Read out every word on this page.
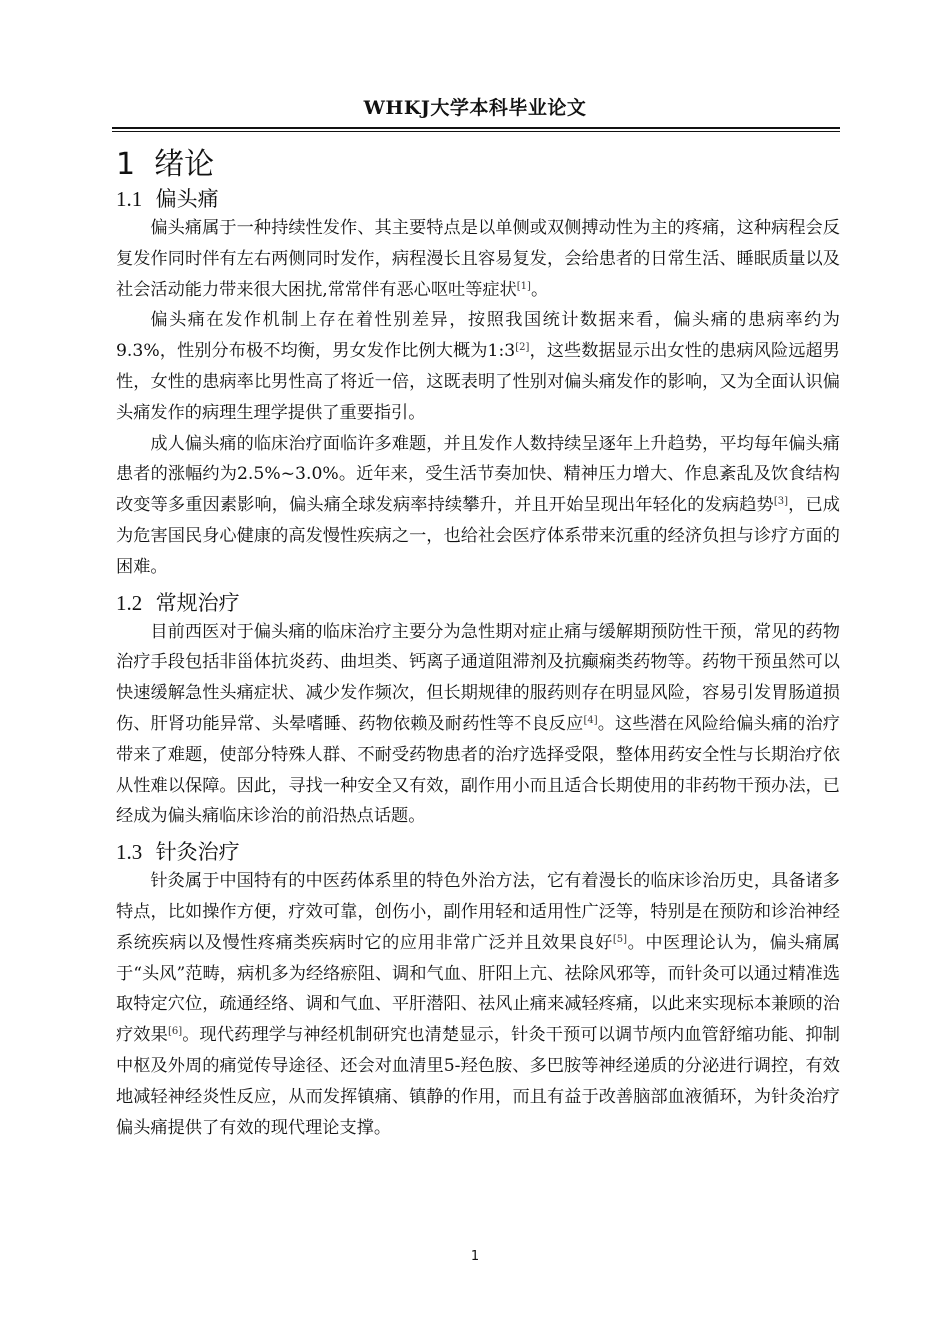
WHKJ大学本科毕业论文
1 绪论
1.1 偏头痛

偏头痛属于一种持续性发作、其主要特点是以单侧或双侧搏动性为主的疼痛，这种病程会反复发作同时伴有左右两侧同时发作，病程漫长且容易复发，会给患者的日常生活、睡眠质量以及社会活动能力带来很大困扰,常常伴有恶心呕吐等症状[1]。

偏头痛在发作机制上存在着性别差异，按照我国统计数据来看，偏头痛的患病率约为9.3%，性别分布极不均衡，男女发作比例大概为1:3[2]，这些数据显示出女性的患病风险远超男性，女性的患病率比男性高了将近一倍，这既表明了性别对偏头痛发作的影响，又为全面认识偏头痛发作的病理生理学提供了重要指引。

成人偏头痛的临床治疗面临许多难题，并且发作人数持续呈逐年上升趋势，平均每年偏头痛患者的涨幅约为2.5%~3.0%。近年来，受生活节奏加快、精神压力增大、作息紊乱及饮食结构改变等多重因素影响，偏头痛全球发病率持续攀升，并且开始呈现出年轻化的发病趋势[3]，已成为危害国民身心健康的高发慢性疾病之一，也给社会医疗体系带来沉重的经济负担与诊疗方面的困难。

1.2 常规治疗

目前西医对于偏头痛的临床治疗主要分为急性期对症止痛与缓解期预防性干预，常见的药物治疗手段包括非甾体抗炎药、曲坦类、钙离子通道阻滞剂及抗癫痫类药物等。药物干预虽然可以快速缓解急性头痛症状、减少发作频次，但长期规律的服药则存在明显风险，容易引发胃肠道损伤、肝肾功能异常、头晕嗜睡、药物依赖及耐药性等不良反应[4]。这些潜在风险给偏头痛的治疗带来了难题，使部分特殊人群、不耐受药物患者的治疗选择受限，整体用药安全性与长期治疗依从性难以保障。因此，寻找一种安全又有效，副作用小而且适合长期使用的非药物干预办法，已经成为偏头痛临床诊治的前沿热点话题。

1.3 针灸治疗

针灸属于中国特有的中医药体系里的特色外治方法，它有着漫长的临床诊治历史，具备诸多特点，比如操作方便，疗效可靠，创伤小，副作用轻和适用性广泛等，特别是在预防和诊治神经系统疾病以及慢性疼痛类疾病时它的应用非常广泛并且效果良好[5]。中医理论认为，偏头痛属于“头风”范畴，病机多为经络瘀阻、调和气血、肝阳上亢、祛除风邪等，而针灸可以通过精准选取特定穴位，疏通经络、调和气血、平肝潜阳、祛风止痛来减轻疼痛，以此来实现标本兼顾的治疗效果[6]。现代药理学与神经机制研究也清楚显示，针灸干预可以调节颅内血管舒缩功能、抑制中枢及外周的痛觉传导途径、还会对血清里5-羟色胺、多巴胺等神经递质的分泌进行调控，有效地减轻神经炎性反应，从而发挥镇痛、镇静的作用，而且有益于改善脑部血液循环，为针灸治疗偏头痛提供了有效的现代理论支撑。

1
